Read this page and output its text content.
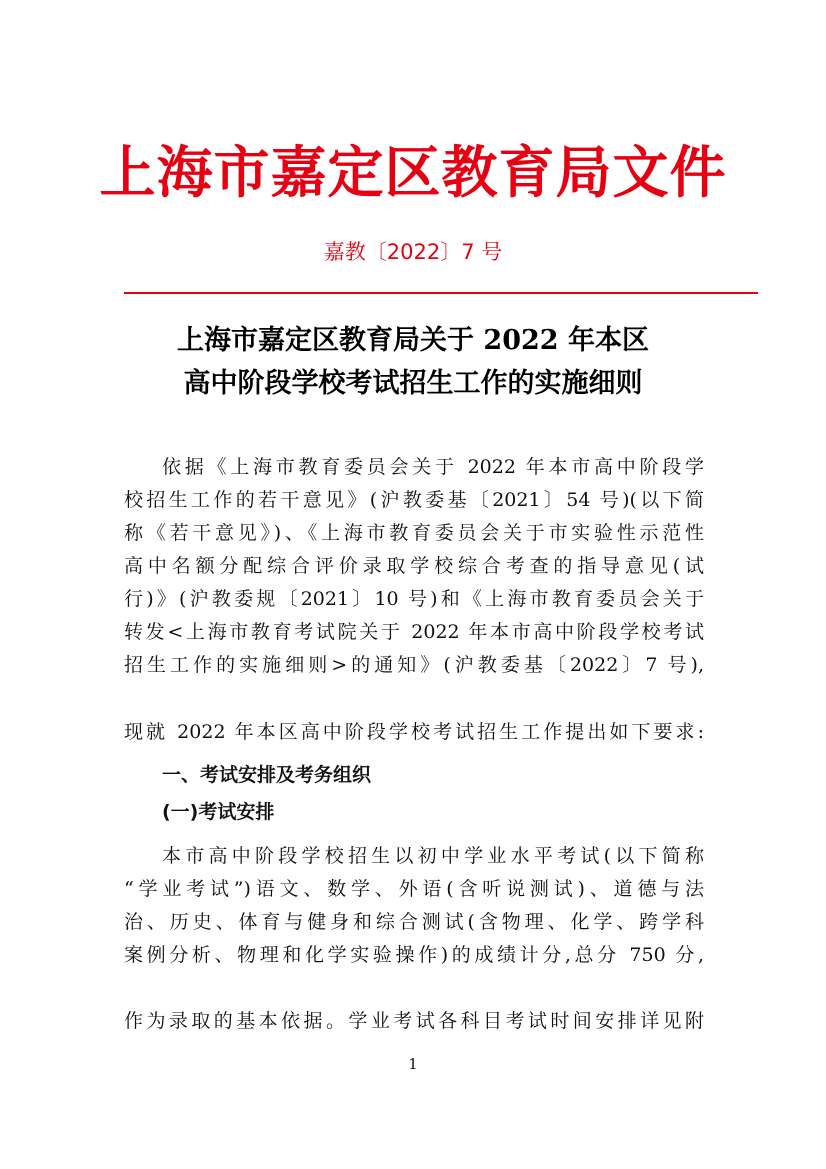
上海市嘉定区教育局文件
嘉教〔2022〕7 号
上海市嘉定区教育局关于 2022 年本区
高中阶段学校考试招生工作的实施细则
依据《上海市教育委员会关于 2022 年本市高中阶段学
校招生工作的若干意见》(沪教委基〔2021〕54 号)(以下简
称《若干意见》)、《上海市教育委员会关于市实验性示范性
高中名额分配综合评价录取学校综合考查的指导意见(试
行)》(沪教委规〔2021〕10 号)和《上海市教育委员会关于
转发<上海市教育考试院关于 2022 年本市高中阶段学校考试
招生工作的实施细则>的通知》(沪教委基〔2022〕7 号),
现就 2022 年本区高中阶段学校考试招生工作提出如下要求:
一、考试安排及考务组织
(一)考试安排
本市高中阶段学校招生以初中学业水平考试(以下简称
“学业考试”)语文、数学、外语(含听说测试)、道德与法
治、历史、体育与健身和综合测试(含物理、化学、跨学科
案例分析、物理和化学实验操作)的成绩计分,总分 750 分,
作为录取的基本依据。学业考试各科目考试时间安排详见附
1
